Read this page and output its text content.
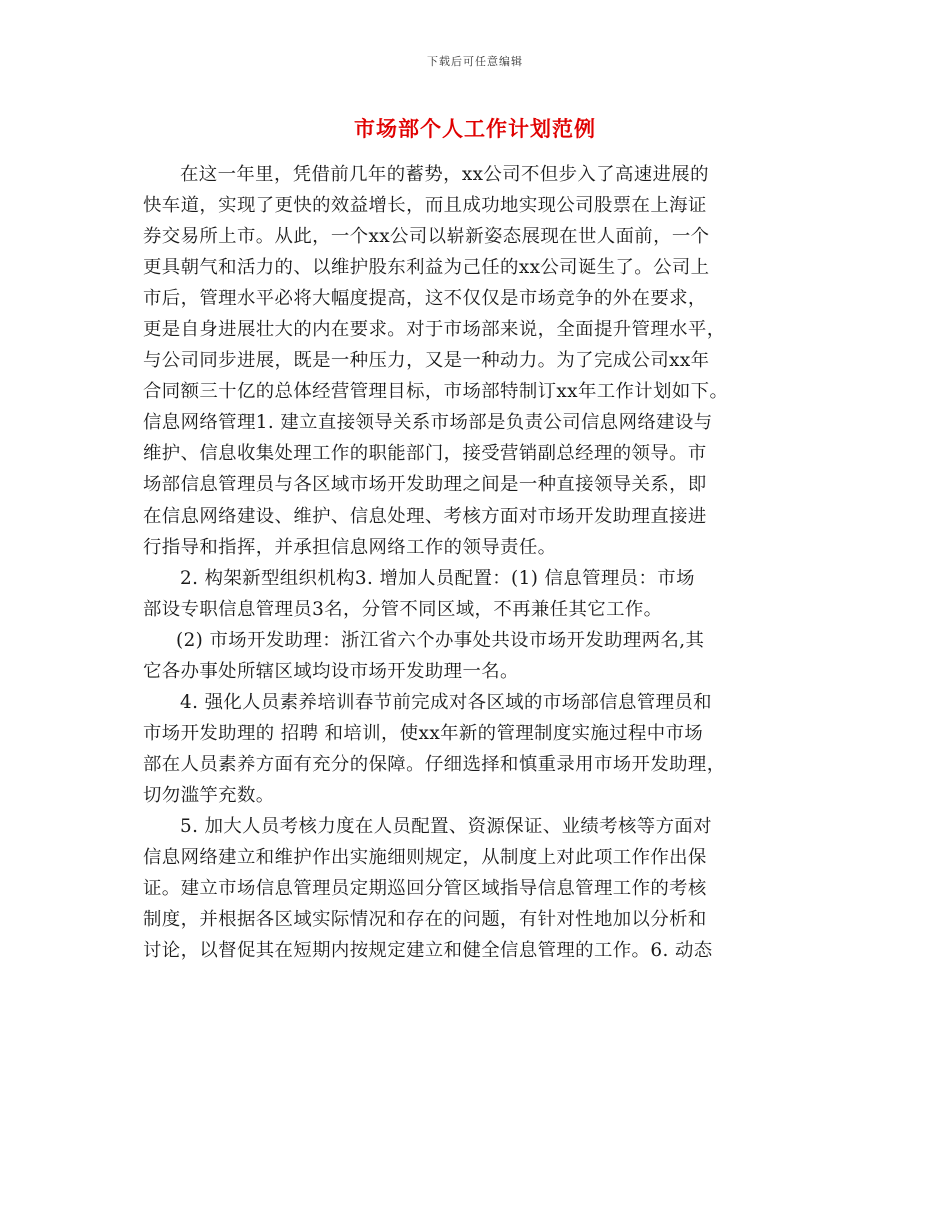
下载后可任意编辑
市场部个人工作计划范例
在这一年里，凭借前几年的蓄势，xx公司不但步入了高速进展的
快车道，实现了更快的效益增长，而且成功地实现公司股票在上海证
券交易所上市。从此，一个xx公司以崭新姿态展现在世人面前，一个
更具朝气和活力的、以维护股东利益为己任的xx公司诞生了。公司上
市后，管理水平必将大幅度提高，这不仅仅是市场竞争的外在要求，
更是自身进展壮大的内在要求。对于市场部来说，全面提升管理水平，
与公司同步进展，既是一种压力，又是一种动力。为了完成公司xx年
合同额三十亿的总体经营管理目标，市场部特制订xx年工作计划如下。
信息网络管理1. 建立直接领导关系市场部是负责公司信息网络建设与
维护、信息收集处理工作的职能部门，接受营销副总经理的领导。市
场部信息管理员与各区域市场开发助理之间是一种直接领导关系，即
在信息网络建设、维护、信息处理、考核方面对市场开发助理直接进
行指导和指挥，并承担信息网络工作的领导责任。
2. 构架新型组织机构3. 增加人员配置：(1) 信息管理员：市场
部设专职信息管理员3名，分管不同区域，不再兼任其它工作。
(2) 市场开发助理：浙江省六个办事处共设市场开发助理两名,其
它各办事处所辖区域均设市场开发助理一名。
4. 强化人员素养培训春节前完成对各区域的市场部信息管理员和
市场开发助理的 招聘 和培训，使xx年新的管理制度实施过程中市场
部在人员素养方面有充分的保障。仔细选择和慎重录用市场开发助理，
切勿滥竽充数。
5. 加大人员考核力度在人员配置、资源保证、业绩考核等方面对
信息网络建立和维护作出实施细则规定，从制度上对此项工作作出保
证。建立市场信息管理员定期巡回分管区域指导信息管理工作的考核
制度，并根据各区域实际情况和存在的问题，有针对性地加以分析和
讨论，以督促其在短期内按规定建立和健全信息管理的工作。6. 动态
